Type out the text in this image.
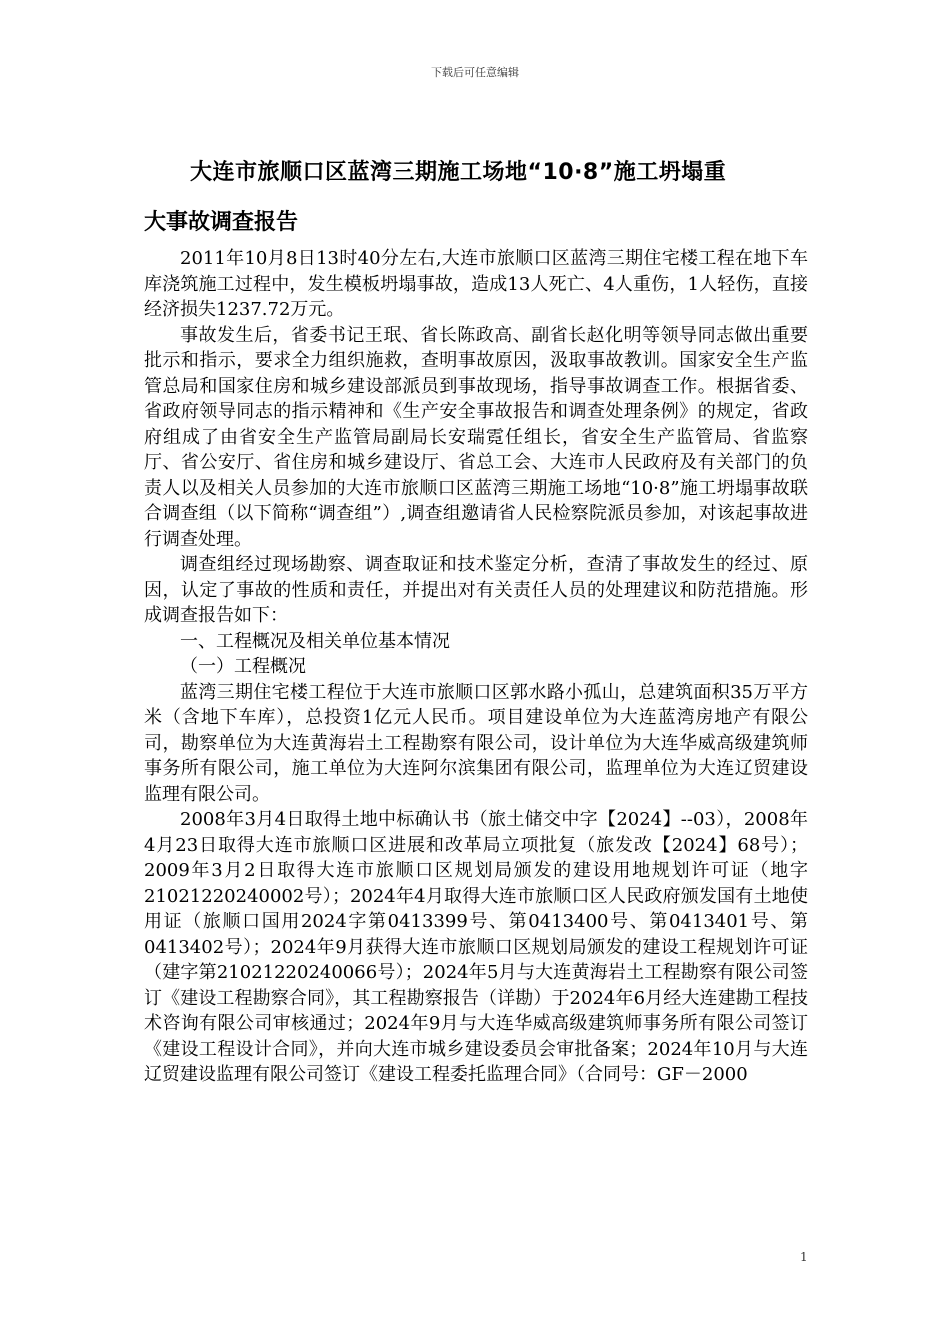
下载后可任意编辑
大连市旅顺口区蓝湾三期施工场地“10·8”施工坍塌重
大事故调查报告

2011年10月8日13时40分左右,大连市旅顺口区蓝湾三期住宅楼工程在地下车库浇筑施工过程中，发生模板坍塌事故，造成13人死亡、4人重伤，1人轻伤，直接经济损失1237.72万元。

事故发生后，省委书记王珉、省长陈政高、副省长赵化明等领导同志做出重要批示和指示，要求全力组织施救，查明事故原因，汲取事故教训。国家安全生产监管总局和国家住房和城乡建设部派员到事故现场，指导事故调查工作。根据省委、省政府领导同志的指示精神和《生产安全事故报告和调查处理条例》的规定，省政府组成了由省安全生产监管局副局长安瑞霓任组长，省安全生产监管局、省监察厅、省公安厅、省住房和城乡建设厅、省总工会、大连市人民政府及有关部门的负责人以及相关人员参加的大连市旅顺口区蓝湾三期施工场地“10·8”施工坍塌事故联合调查组（以下简称“调查组”）,调查组邀请省人民检察院派员参加，对该起事故进行调查处理。

调查组经过现场勘察、调查取证和技术鉴定分析，查清了事故发生的经过、原因，认定了事故的性质和责任，并提出对有关责任人员的处理建议和防范措施。形成调查报告如下：

一、工程概况及相关单位基本情况

（一）工程概况

蓝湾三期住宅楼工程位于大连市旅顺口区郭水路小孤山，总建筑面积35万平方米（含地下车库），总投资1亿元人民币。项目建设单位为大连蓝湾房地产有限公司，勘察单位为大连黄海岩土工程勘察有限公司，设计单位为大连华威高级建筑师事务所有限公司，施工单位为大连阿尔滨集团有限公司，监理单位为大连辽贸建设监理有限公司。

2008年3月4日取得土地中标确认书（旅土储交中字【2024】--03），2008年4月23日取得大连市旅顺口区进展和改革局立项批复（旅发改【2024】68号）；2009年3月2日取得大连市旅顺口区规划局颁发的建设用地规划许可证（地字21021220240002号）；2024年4月取得大连市旅顺口区人民政府颁发国有土地使用证（旅顺口国用2024字第0413399号、第0413400号、第0413401号、第0413402号）；2024年9月获得大连市旅顺口区规划局颁发的建设工程规划许可证（建字第21021220240066号）；2024年5月与大连黄海岩土工程勘察有限公司签订《建设工程勘察合同》，其工程勘察报告（详勘）于2024年6月经大连建勘工程技术咨询有限公司审核通过；2024年9月与大连华威高级建筑师事务所有限公司签订《建设工程设计合同》，并向大连市城乡建设委员会审批备案；2024年10月与大连辽贸建设监理有限公司签订《建设工程委托监理合同》（合同号：GF－2000

1
